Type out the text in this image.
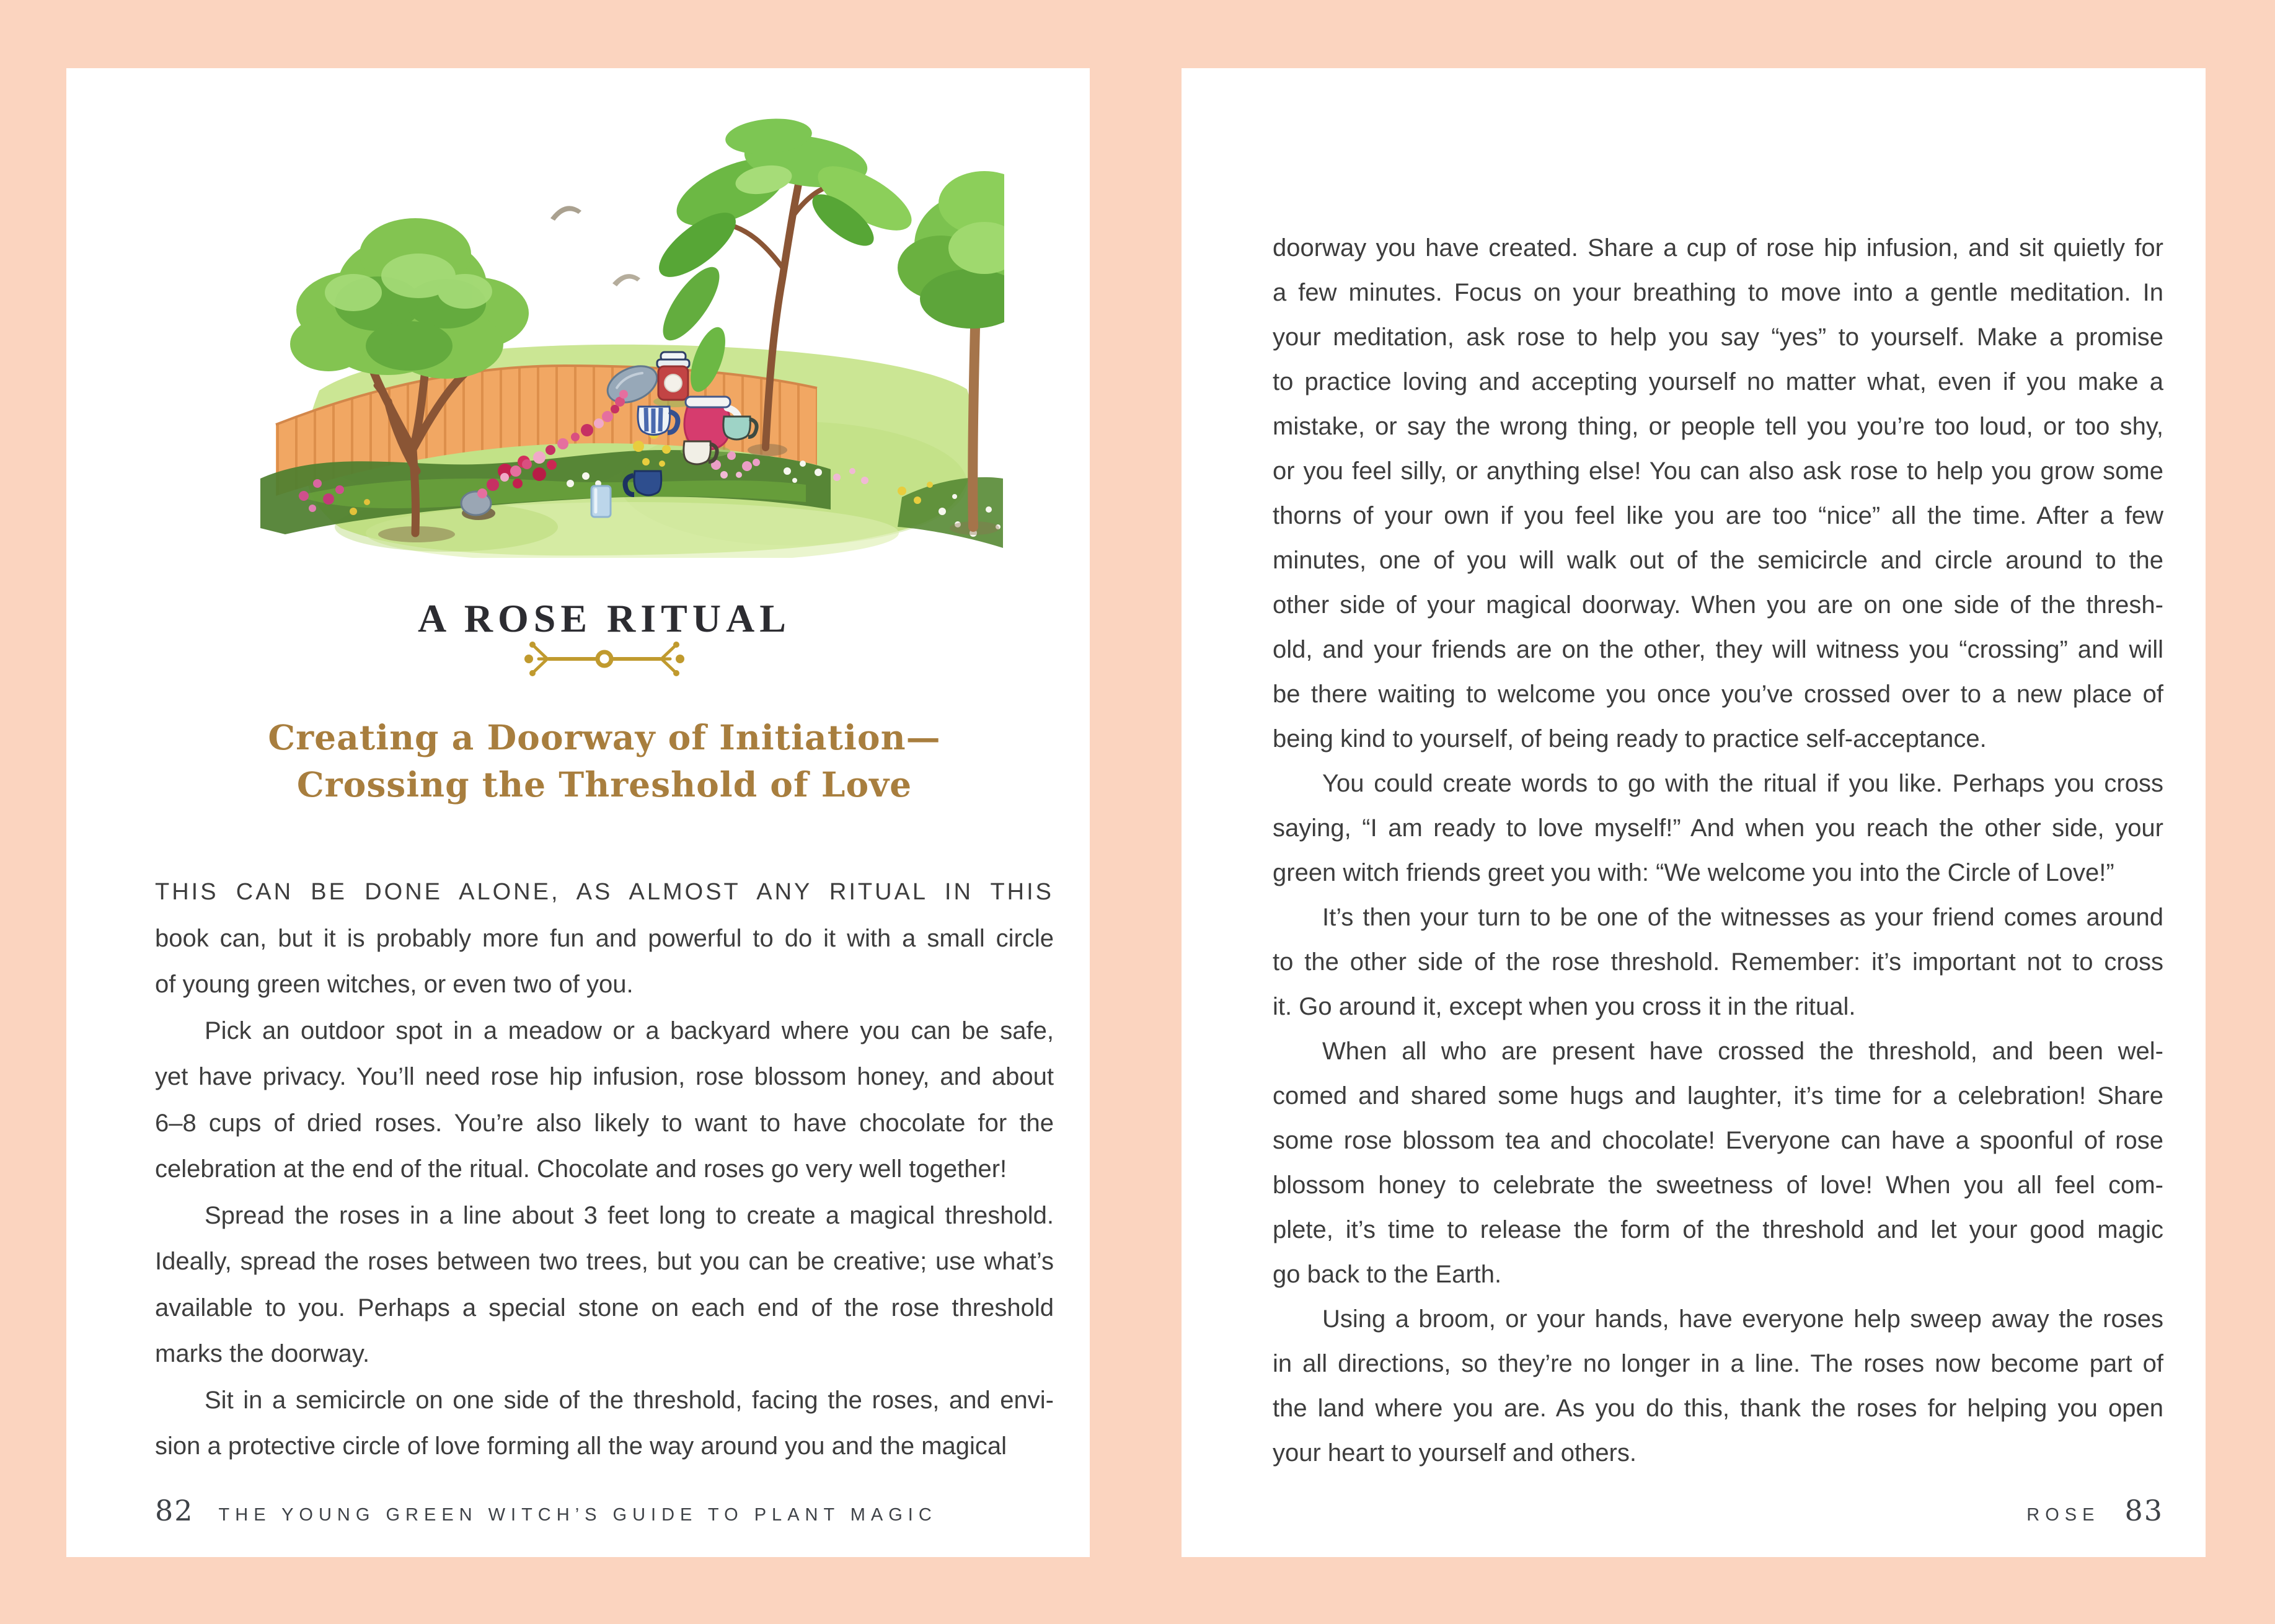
A ROSE RITUAL
Creating a Doorway of Initiation—
Crossing the Threshold of Love
THIS CAN BE DONE ALONE, AS ALMOST ANY RITUAL IN THIS
book can, but it is probably more fun and powerful to do it with a small circle
of young green witches, or even two of you.
Pick an outdoor spot in a meadow or a backyard where you can be safe,
yet have privacy. You’ll need rose hip infusion, rose blossom honey, and about
6–8 cups of dried roses. You’re also likely to want to have chocolate for the
celebration at the end of the ritual. Chocolate and roses go very well together!
Spread the roses in a line about 3 feet long to create a magical threshold.
Ideally, spread the roses between two trees, but you can be creative; use what’s
available to you. Perhaps a special stone on each end of the rose threshold
marks the doorway.
Sit in a semicircle on one side of the threshold, facing the roses, and envi-
sion a protective circle of love forming all the way around you and the magical
82 THE YOUNG GREEN WITCH’S GUIDE TO PLANT MAGIC
doorway you have created. Share a cup of rose hip infusion, and sit quietly for
a few minutes. Focus on your breathing to move into a gentle meditation. In
your meditation, ask rose to help you say “yes” to yourself. Make a promise
to practice loving and accepting yourself no matter what, even if you make a
mistake, or say the wrong thing, or people tell you you’re too loud, or too shy,
or you feel silly, or anything else! You can also ask rose to help you grow some
thorns of your own if you feel like you are too “nice” all the time. After a few
minutes, one of you will walk out of the semicircle and circle around to the
other side of your magical doorway. When you are on one side of the thresh-
old, and your friends are on the other, they will witness you “crossing” and will
be there waiting to welcome you once you’ve crossed over to a new place of
being kind to yourself, of being ready to practice self-acceptance.
You could create words to go with the ritual if you like. Perhaps you cross
saying, “I am ready to love myself!” And when you reach the other side, your
green witch friends greet you with: “We welcome you into the Circle of Love!”
It’s then your turn to be one of the witnesses as your friend comes around
to the other side of the rose threshold. Remember: it’s important not to cross
it. Go around it, except when you cross it in the ritual.
When all who are present have crossed the threshold, and been wel-
comed and shared some hugs and laughter, it’s time for a celebration! Share
some rose blossom tea and chocolate! Everyone can have a spoonful of rose
blossom honey to celebrate the sweetness of love! When you all feel com-
plete, it’s time to release the form of the threshold and let your good magic
go back to the Earth.
Using a broom, or your hands, have everyone help sweep away the roses
in all directions, so they’re no longer in a line. The roses now become part of
the land where you are. As you do this, thank the roses for helping you open
your heart to yourself and others.
ROSE 83
